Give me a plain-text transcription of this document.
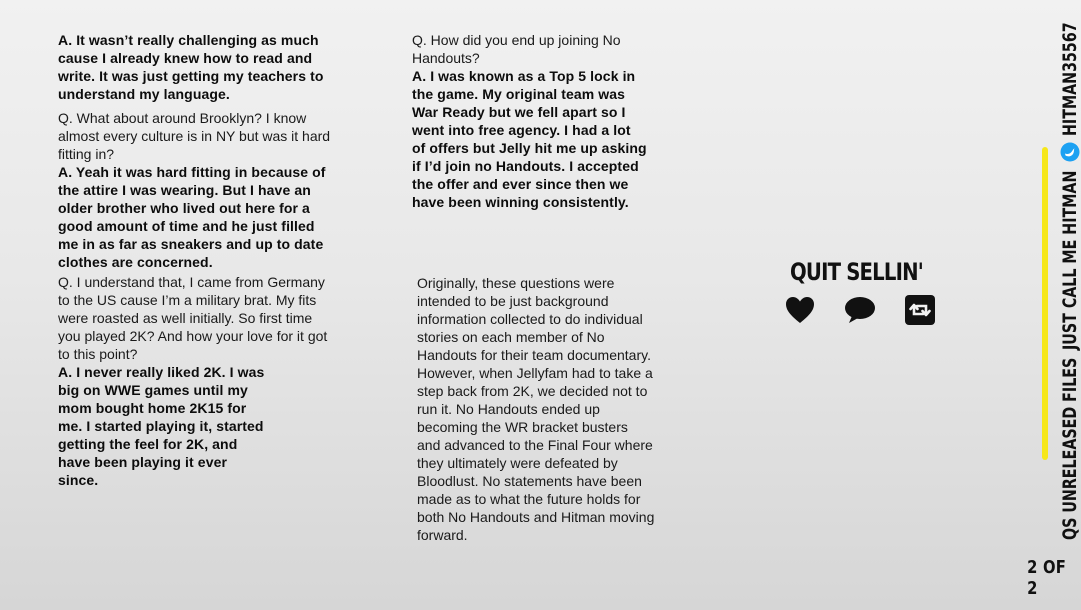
A. It wasn’t really challenging as much cause I already knew how to read and write. It was just getting my teachers to understand my language.

Q. What about around Brooklyn? I know almost every culture is in NY but was it hard fitting in?

A. Yeah it was hard fitting in because of the attire I was wearing. But I have an older brother who lived out here for a good amount of time and he just filled me in as far as sneakers and up to date clothes are concerned.

Q. I understand that, I came from Germany to the US cause I’m a military brat. My fits were roasted as well initially. So first time you played 2K? And how your love for it got to this point?

A. I never really liked 2K. I was big on WWE games until my mom bought home 2K15 for me. I started playing it, started getting the feel for 2K, and have been playing it ever since.

Q. How did you end up joining No Handouts?

A. I was known as a Top 5 lock in the game. My original team was War Ready but we fell apart so I went into free agency. I had a lot of offers but Jelly hit me up asking if I’d join no Handouts. I accepted the offer and ever since then we have been winning consistently.

Originally, these questions were intended to be just background information collected to do individual stories on each member of No Handouts for their team documentary. However, when Jellyfam had to take a step back from 2K, we decided not to run it. No Handouts ended up becoming the WR bracket busters and advanced to the Final Four where they ultimately were defeated by Bloodlust. No statements have been made as to what the future holds for both No Handouts and Hitman moving forward.

QUIT SELLIN'
QS UNRELEASED FILES
JUST CALL ME HITMAN
HITMAN35567
2 OF 2
